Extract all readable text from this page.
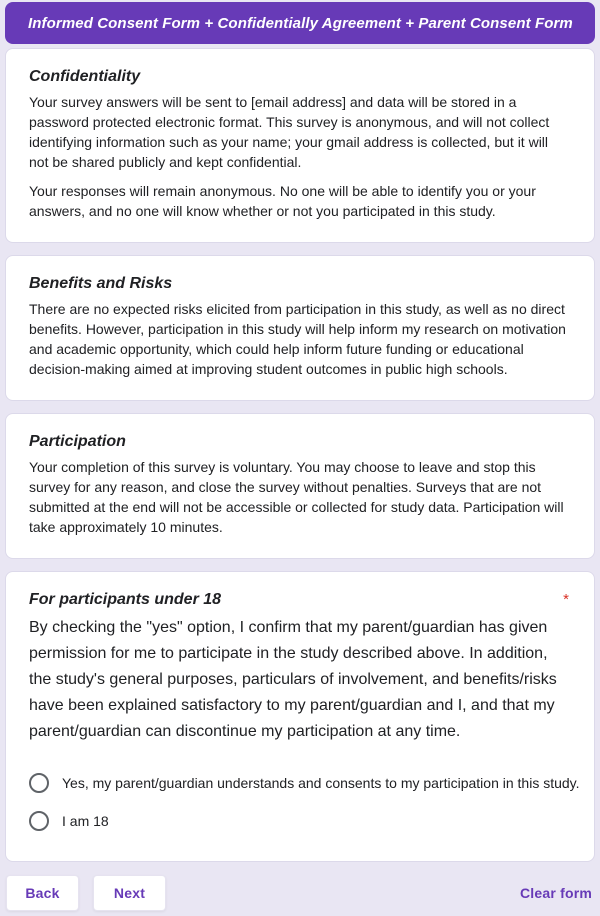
Informed Consent Form + Confidentially Agreement + Parent Consent Form
Confidentiality

Your survey answers will be sent to [email address] and data will be stored in a password protected electronic format. This survey is anonymous, and will not collect identifying information such as your name; your gmail address is collected, but it will not be shared publicly and kept confidential.

Your responses will remain anonymous. No one will be able to identify you or your answers, and no one will know whether or not you participated in this study.

Benefits and Risks

There are no expected risks elicited from participation in this study, as well as no direct benefits. However, participation in this study will help inform my research on motivation and academic opportunity, which could help inform future funding or educational decision-making aimed at improving student outcomes in public high schools.

Participation

Your completion of this survey is voluntary. You may choose to leave and stop this survey for any reason, and close the survey without penalties. Surveys that are not submitted at the end will not be accessible or collected for study data. Participation will take approximately 10 minutes.

For participants under 18	*

By checking the "yes" option, I confirm that my parent/guardian has given permission for me to participate in the study described above. In addition, the study's general purposes, particulars of involvement, and benefits/risks have been explained satisfactory to my parent/guardian and I, and that my parent/guardian can discontinue my participation at any time.

Yes, my parent/guardian understands and consents to my participation in this study.
I am 18
Back	Next	Clear form
